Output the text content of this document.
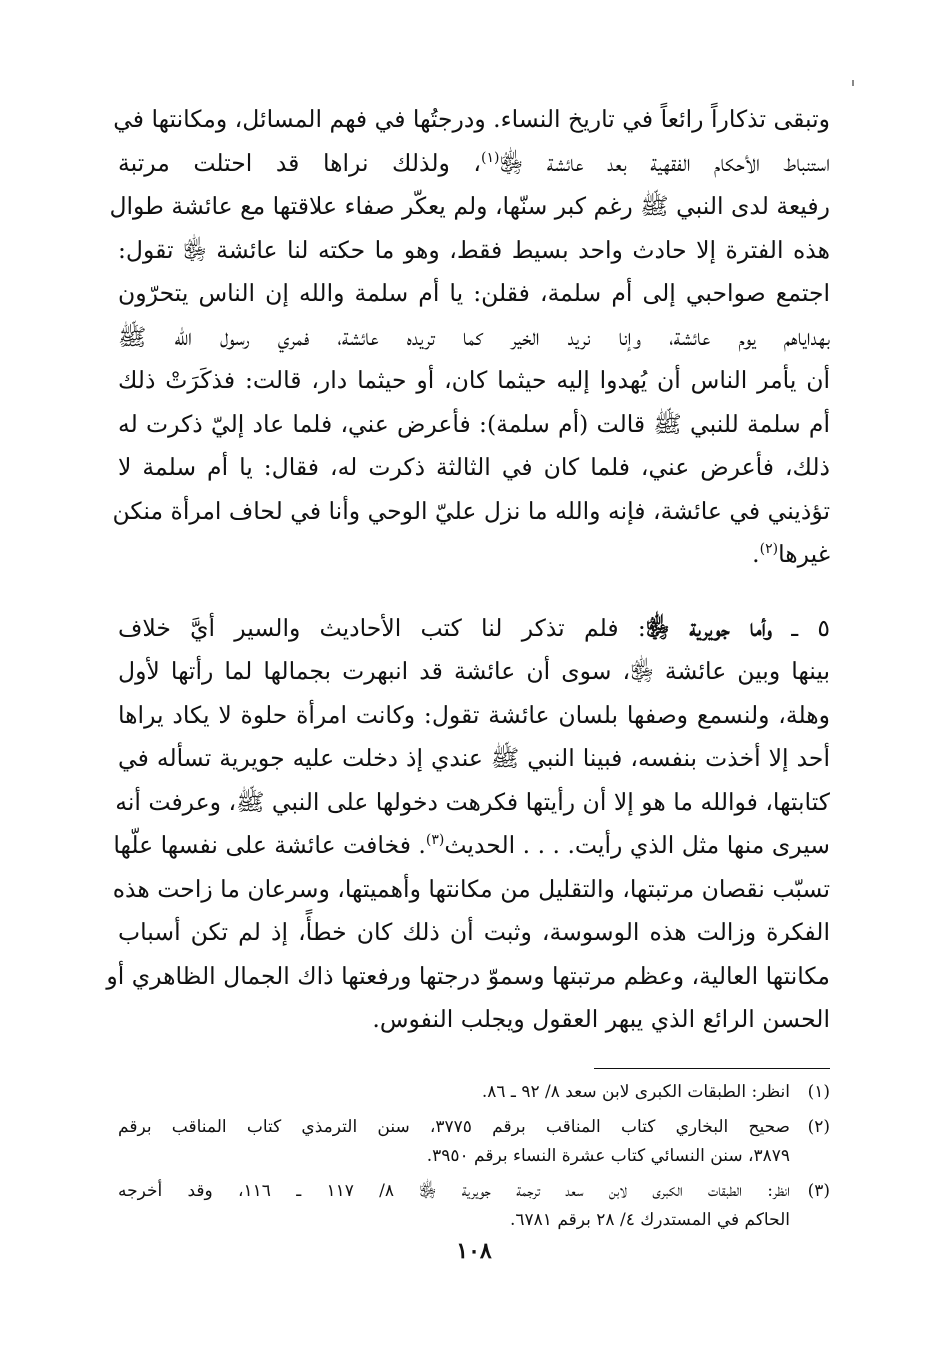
وتبقى تذكاراً رائعاً في تاريخ النساء. ودرجتُها في فهم المسائل، ومكانتها في
استنباط الأحكام الفقهية بعد عائشة ﵂$^{(١)}$، ولذلك نراها قد احتلت مرتبة
رفيعة لدى النبي ﷺ رغم كبر سنّها، ولم يعكّر صفاء علاقتها مع عائشة طوال
هذه الفترة إلا حادث واحد بسيط فقط، وهو ما حكته لنا عائشة ﵂ تقول:
اجتمع صواحبي إلى أم سلمة، فقلن: يا أم سلمة والله إن الناس يتحرّون
بهداياهم يوم عائشة، وإنا نريد الخير كما تريده عائشة، فمري رسول الله ﷺ
أن يأمر الناس أن يُهدوا إليه حيثما كان، أو حيثما دار، قالت: فذكَرَتْ ذلك
أم سلمة للنبي ﷺ قالت (أم سلمة): فأعرض عني، فلما عاد إليّ ذكرت له
ذلك، فأعرض عني، فلما كان في الثالثة ذكرت له، فقال: يا أم سلمة لا
تؤذيني في عائشة، فإنه والله ما نزل عليّ الوحي وأنا في لحاف امرأة منكن
غيرها$^{(٢)}$.

٥ ـ وأما جويرية ﵂: فلم تذكر لنا كتب الأحاديث والسير أيَّ خلاف
بينها وبين عائشة ﵂، سوى أن عائشة قد انبهرت بجمالها لما رأتها لأول
وهلة، ولنسمع وصفها بلسان عائشة تقول: وكانت امرأة حلوة لا يكاد يراها
أحد إلا أخذت بنفسه، فبينا النبي ﷺ عندي إذ دخلت عليه جويرية تسأله في
كتابتها، فوالله ما هو إلا أن رأيتها فكرهت دخولها على النبي ﷺ، وعرفت أنه
سيرى منها مثل الذي رأيت. . . . الحديث$^{(٣)}$. فخافت عائشة على نفسها علّها
تسبّب نقصان مرتبتها، والتقليل من مكانتها وأهميتها، وسرعان ما زاحت هذه
الفكرة وزالت هذه الوسوسة، وثبت أن ذلك كان خطأً، إذ لم تكن أسباب
مكانتها العالية، وعظم مرتبتها وسموّ درجتها ورفعتها ذاك الجمال الظاهري أو
الحسن الرائع الذي يبهر العقول ويجلب النفوس.

(١)
انظر: الطبقات الكبرى لابن سعد ٨/ ٩٢ ـ ٨٦.
(٢)
صحيح البخاري كتاب المناقب برقم ٣٧٧٥، سنن الترمذي كتاب المناقب برقم
٣٨٧٩، سنن النسائي كتاب عشرة النساء برقم ٣٩٥٠.
(٣)
انظر: الطبقات الكبرى لابن سعد ترجمة جويرية ﵂ ٨/ ١١٧ ـ ١١٦، وقد أخرجه
الحاكم في المستدرك ٤/ ٢٨ برقم ٦٧٨١.
١٠٨
